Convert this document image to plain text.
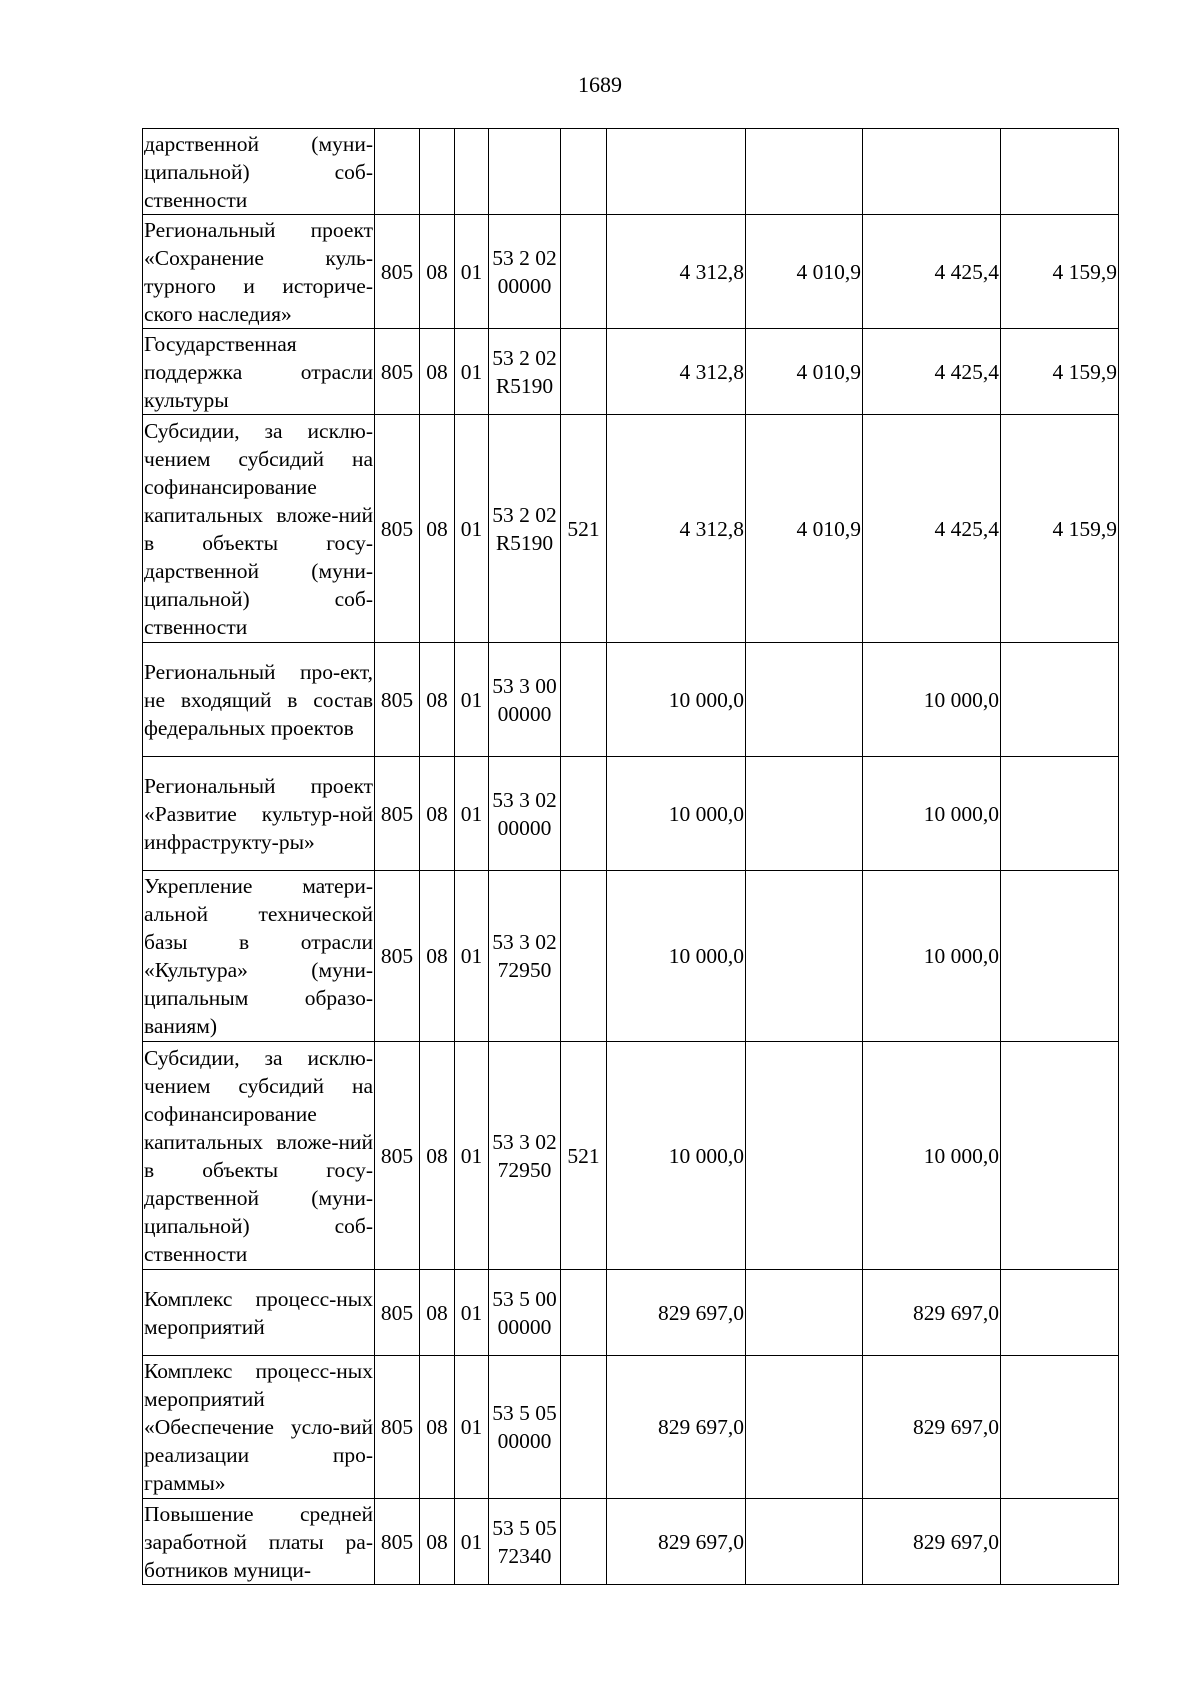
1689
дарственной (муни-ципальной) соб-ственности									
Региональный проект «Сохранение куль-турного и историче-ского наследия»	805	08	01	53 2 02 00000		4 312,8	4 010,9	4 425,4	4 159,9
Государственная поддержка отрасли культуры	805	08	01	53 2 02 R5190		4 312,8	4 010,9	4 425,4	4 159,9
Субсидии, за исклю-чением субсидий на софинансирование капитальных вложе-ний в объекты госу-дарственной (муни-ципальной) соб-ственности	805	08	01	53 2 02 R5190	521	4 312,8	4 010,9	4 425,4	4 159,9
Региональный про-ект, не входящий в состав федеральных проектов	805	08	01	53 3 00 00000		10 000,0		10 000,0	
Региональный проект «Развитие культур-ной инфраструкту-ры»	805	08	01	53 3 02 00000		10 000,0		10 000,0	
Укрепление матери-альной технической базы в отрасли «Культура» (муни-ципальным образо-ваниям)	805	08	01	53 3 02 72950		10 000,0		10 000,0	
Субсидии, за исклю-чением субсидий на софинансирование капитальных вложе-ний в объекты госу-дарственной (муни-ципальной) соб-ственности	805	08	01	53 3 02 72950	521	10 000,0		10 000,0	
Комплекс процесс-ных мероприятий	805	08	01	53 5 00 00000		829 697,0		829 697,0	
Комплекс процесс-ных мероприятий «Обеспечение усло-вий реализации про-граммы»	805	08	01	53 5 05 00000		829 697,0		829 697,0	
Повышение средней заработной платы ра-ботников муници-	805	08	01	53 5 05 72340		829 697,0		829 697,0	
